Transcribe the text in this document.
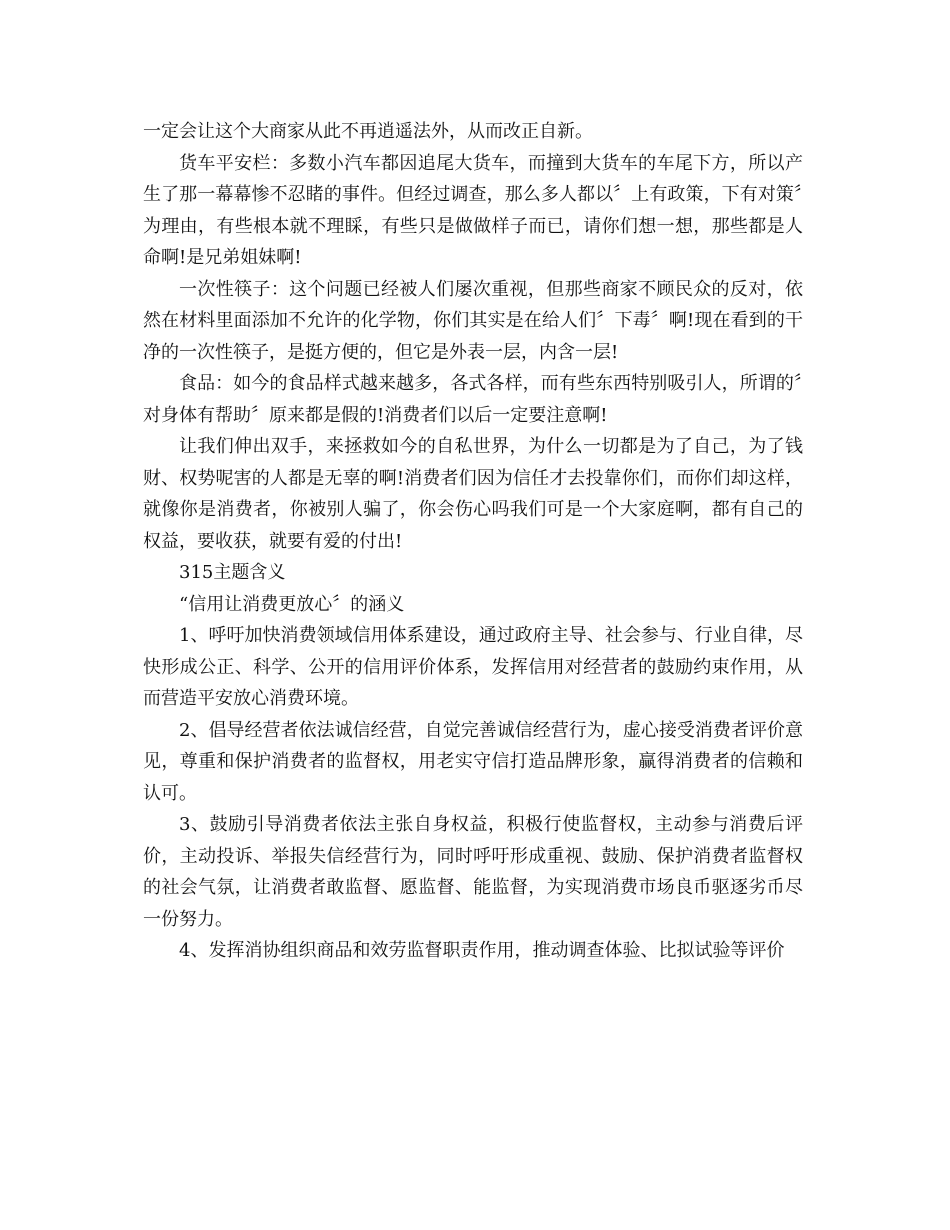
一定会让这个大商家从此不再逍遥法外，从而改正自新。

货车平安栏：多数小汽车都因追尾大货车，而撞到大货车的车尾下方，所以产生了那一幕幕惨不忍睹的事件。但经过调查，那么多人都以〞上有政策，下有对策〞为理由，有些根本就不理睬，有些只是做做样子而已，请你们想一想，那些都是人命啊!是兄弟姐妹啊!

一次性筷子：这个问题已经被人们屡次重视，但那些商家不顾民众的反对，依然在材料里面添加不允许的化学物，你们其实是在给人们〞下毒〞啊!现在看到的干净的一次性筷子，是挺方便的，但它是外表一层，内含一层!

食品：如今的食品样式越来越多，各式各样，而有些东西特别吸引人，所谓的〞对身体有帮助〞原来都是假的!消费者们以后一定要注意啊!

让我们伸出双手，来拯救如今的自私世界，为什么一切都是为了自己，为了钱财、权势呢害的人都是无辜的啊!消费者们因为信任才去投靠你们，而你们却这样，就像你是消费者，你被别人骗了，你会伤心吗我们可是一个大家庭啊，都有自己的权益，要收获，就要有爱的付出!

315主题含义

“信用让消费更放心〞的涵义

1、呼吁加快消费领域信用体系建设，通过政府主导、社会参与、行业自律，尽快形成公正、科学、公开的信用评价体系，发挥信用对经营者的鼓励约束作用，从而营造平安放心消费环境。

2、倡导经营者依法诚信经营，自觉完善诚信经营行为，虚心接受消费者评价意见，尊重和保护消费者的监督权，用老实守信打造品牌形象，赢得消费者的信赖和认可。

3、鼓励引导消费者依法主张自身权益，积极行使监督权，主动参与消费后评价，主动投诉、举报失信经营行为，同时呼吁形成重视、鼓励、保护消费者监督权的社会气氛，让消费者敢监督、愿监督、能监督，为实现消费市场良币驱逐劣币尽一份努力。

4、发挥消协组织商品和效劳监督职责作用，推动调查体验、比拟试验等评价
